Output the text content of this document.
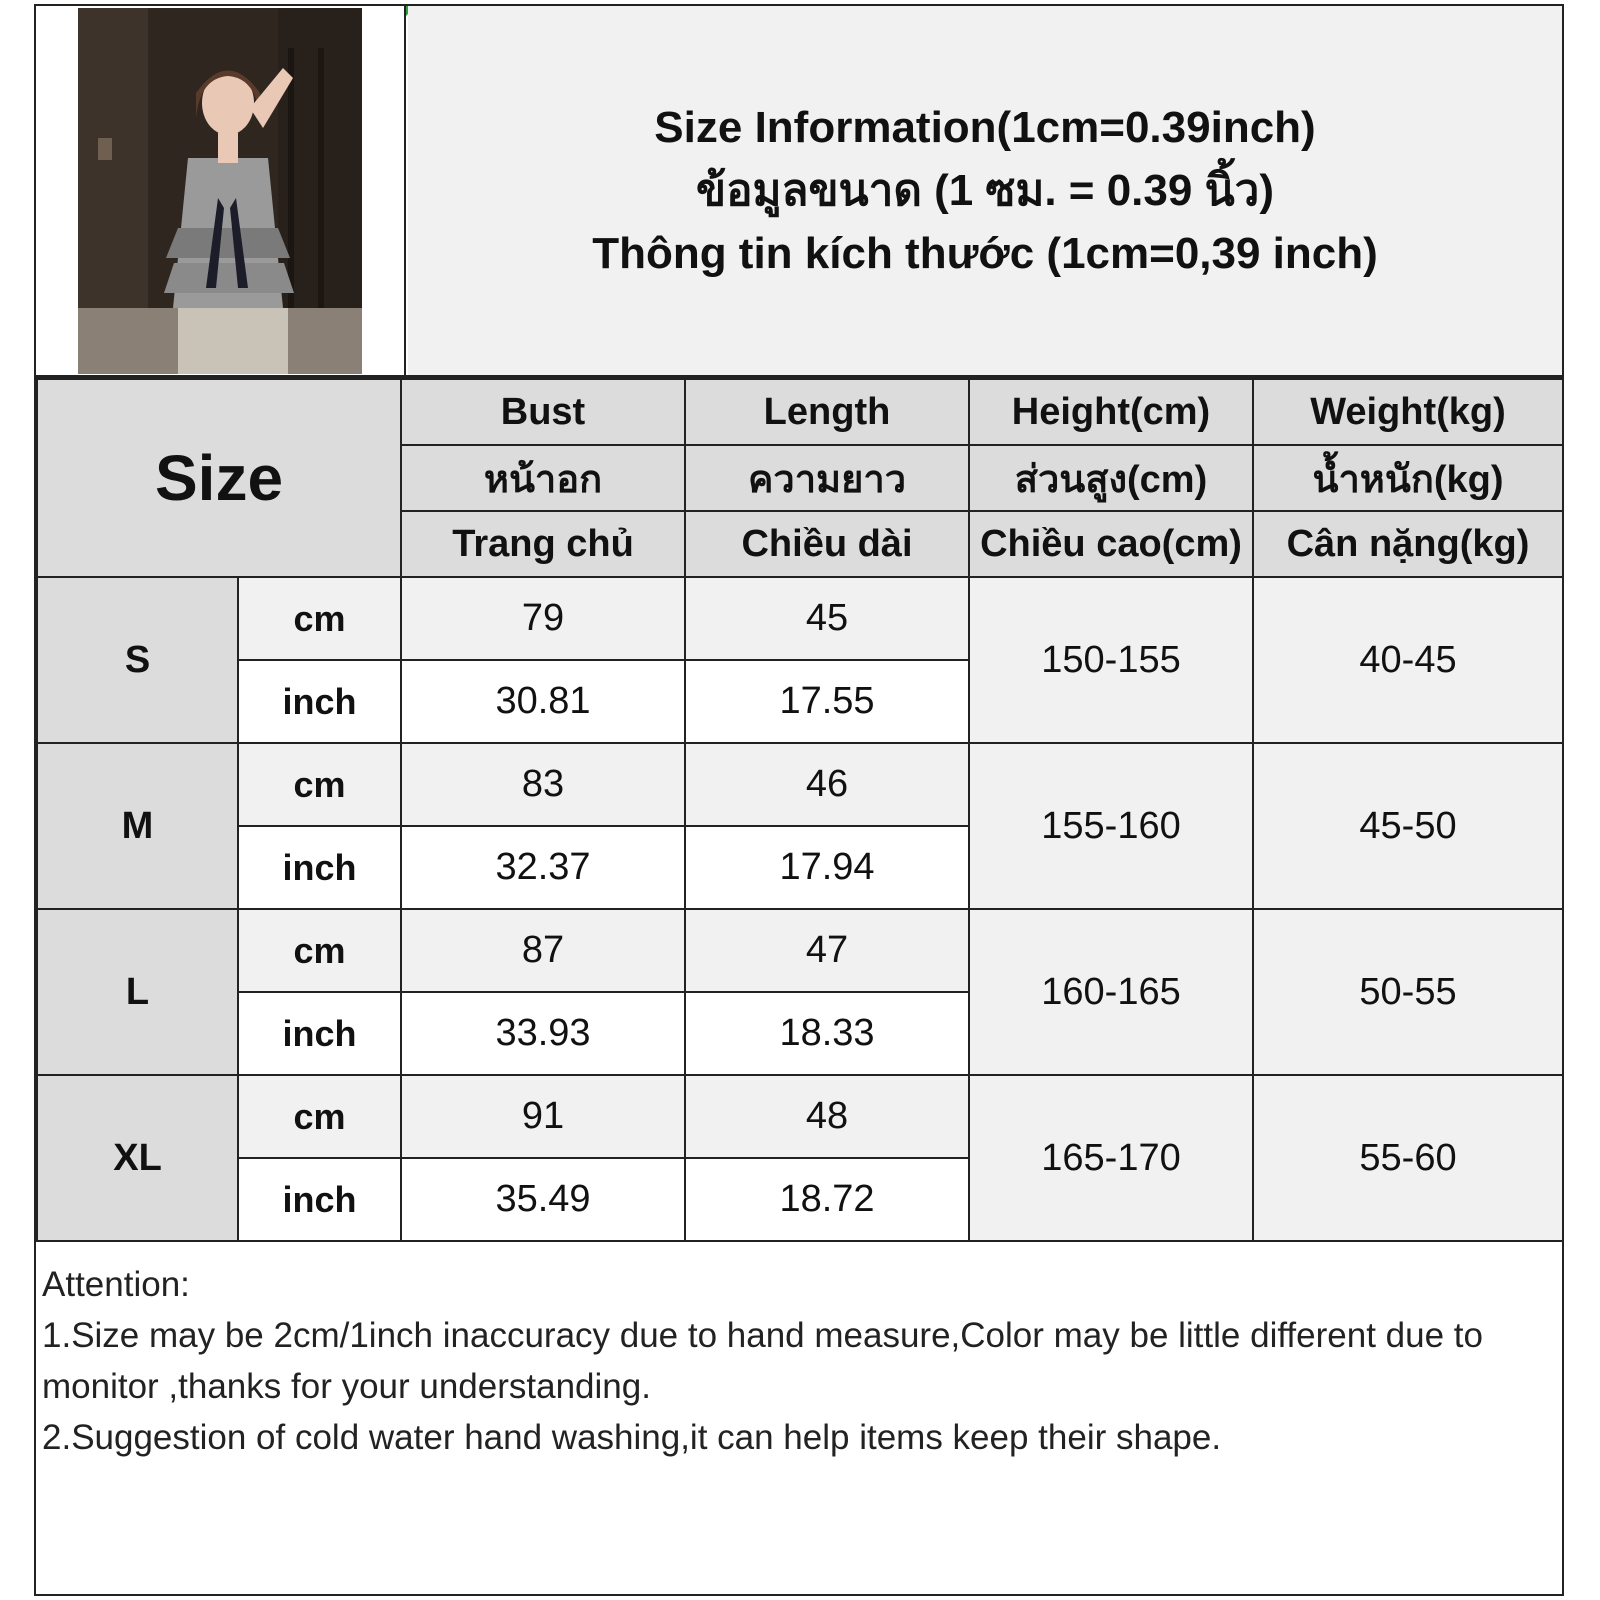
Size Information(1cm=0.39inch)
ข้อมูลขนาด (1 ซม. = 0.39 นิ้ว)
Thông tin kích thước (1cm=0,39 inch)
Size		Bust	Length	Height(cm)	Weight(kg)
		หน้าอก	ความยาว	ส่วนสูง(cm)	น้ำหนัก(kg)
		Trang chủ	Chiều dài	Chiều cao(cm)	Cân nặng(kg)
S	cm	79	45	150-155	40-45
	inch	30.81	17.55		
M	cm	83	46	155-160	45-50
	inch	32.37	17.94		
L	cm	87	47	160-165	50-55
	inch	33.93	18.33		
XL	cm	91	48	165-170	55-60
	inch	35.49	18.72		
Attention:
1.Size may be 2cm/1inch inaccuracy due to hand measure,Color may be little different due to monitor ,thanks for your understanding.
2.Suggestion of cold water hand washing,it can help items keep their shape.
